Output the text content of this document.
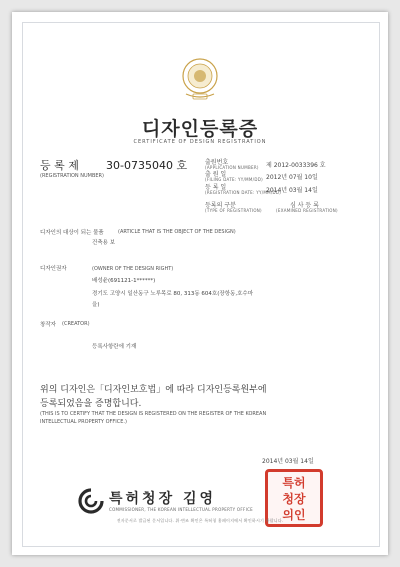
디자인등록증
CERTIFICATE OF DESIGN REGISTRATION
등 록 제 30-0735040 호
(REGISTRATION NUMBER)
출원번호
(APPLICATION NUMBER) 제 2012-0033396 호
출 원 일
(FILING DATE: YY/MM/DD) 2012년 07월 10일
등 록 일
(REGISTRATION DATE: YY/MM/DD)
2014년 03월 14일
등록의 구분
(TYPE OF REGISTRATION)
심 사 등 록
(EXAMINED REGISTRATION)
디자인의 대상이 되는 물품	(ARTICLE THAT IS THE OBJECT OF THE DESIGN)
건축용 보
디자인권자	(OWNER OF THE DESIGN RIGHT)
배성윤(691121-1******)
경기도 고양시 일산동구 노루목로 80, 313동 604호(장항동,호수마
을)
창작자 (CREATOR)
등록사항란에 기재
위의 디자인은「디자인보호법」에 따라 디자인등록원부에
등록되었음을 증명합니다.
(THIS IS TO CERTIFY THAT THE DESIGN IS REGISTERED ON THE REGISTER OF THE KOREAN
INTELLECTUAL PROPERTY OFFICE.)
2014년 03월 14일
특허청장 김영
COMMISSIONER, THE KOREAN INTELLECTUAL PROPERTY OFFICE
특허
청장
의인
전자문서로 발급된 문서입니다. 위·변조 확인은 특허청 홈페이지에서 확인하시기 바랍니다.
